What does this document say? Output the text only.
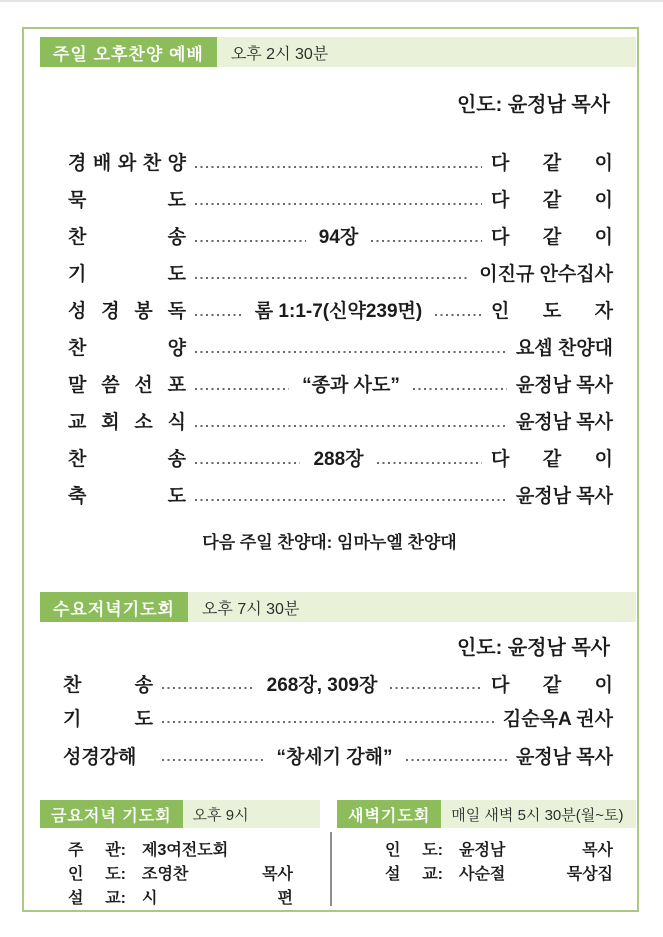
주일 오후찬양 예배	오후 2시 30분
인도: 윤정남 목사
경 배 와 찬 양	다 같 이
묵 도	다 같 이
찬 송	94장	다 같 이
기 도	이진규 안수집사
성 경 봉 독	롬 1:1-7(신약239면)	인 도 자
찬 양	요셉 찬양대
말 씀 선 포	“종과 사도”	윤정남 목사
교 회 소 식	윤정남 목사
찬 송	288장	다 같 이
축 도	윤정남 목사
다음 주일 찬양대: 임마누엘 찬양대
수요저녁기도회	오후 7시 30분
인도: 윤정남 목사
찬 송	268장, 309장	다 같 이
기 도	김순옥A 권사
성경강해	“창세기 강해”	윤정남 목사
금요저녁 기도회	오후 9시	새벽기도회	매일 새벽 5시 30분(월~토)
주 관: 제3여전도회
인 도: 조영찬 목사
설 교: 시 편
인 도: 윤정남 목사
설 교: 사순절 묵상집
